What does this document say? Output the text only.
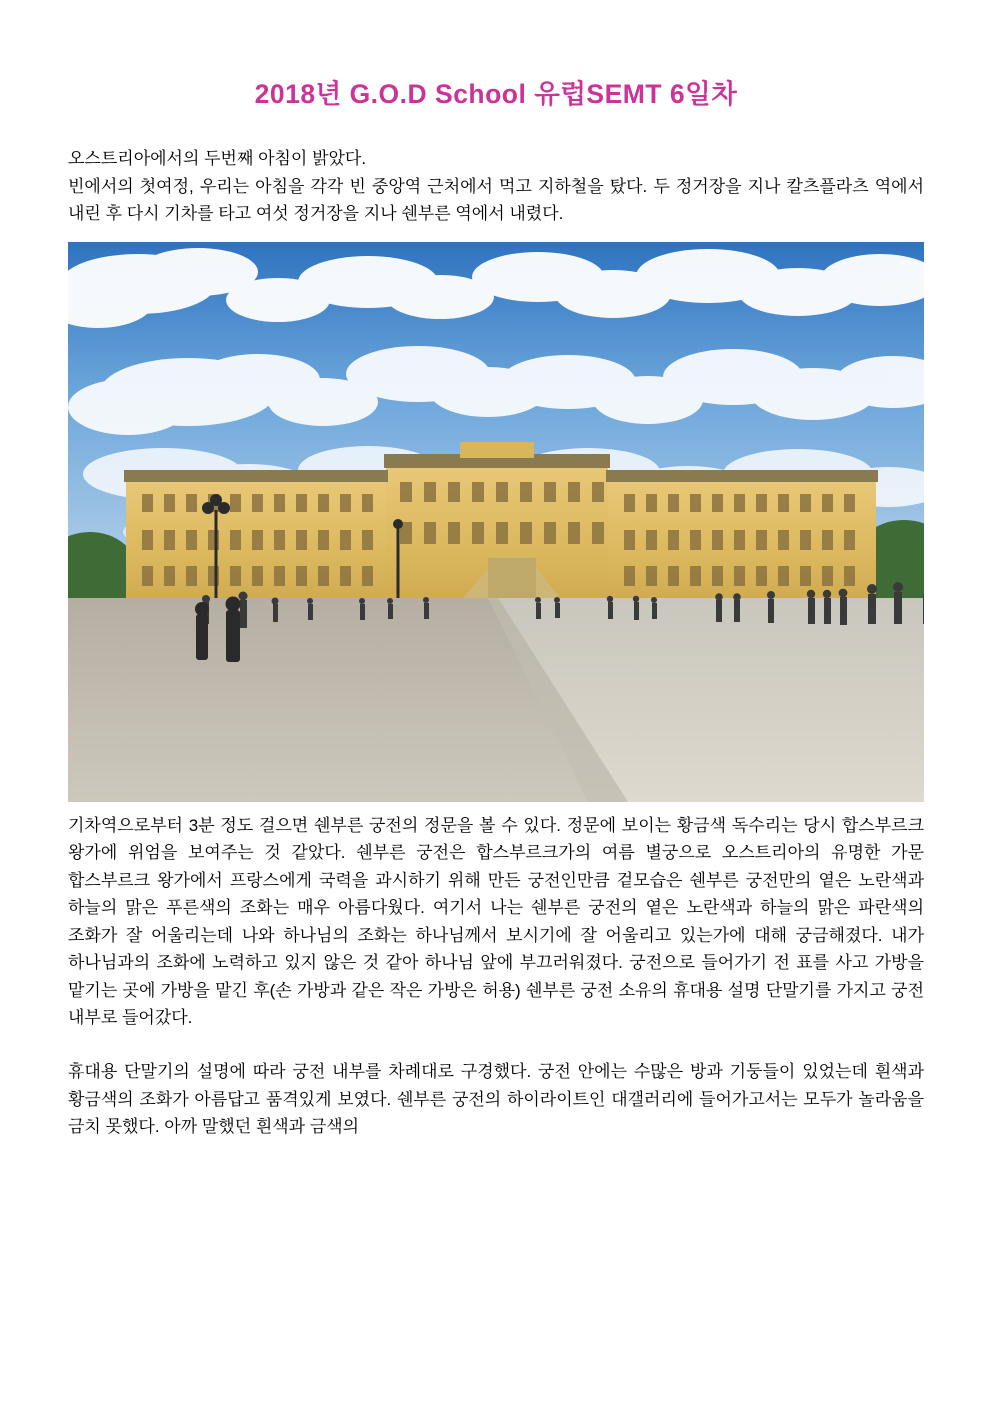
2018년 G.O.D School 유럽SEMT 6일차

오스트리아에서의 두번째 아침이 밝았다.

빈에서의 첫여정, 우리는 아침을 각각 빈 중앙역 근처에서 먹고 지하철을 탔다. 두 정거장을 지나 칼츠플라츠 역에서 내린 후 다시 기차를 타고 여섯 정거장을 지나 쉔부른 역에서 내렸다.

기차역으로부터 3분 정도 걸으면 쉔부른 궁전의 정문을 볼 수 있다. 정문에 보이는 황금색 독수리는 당시 합스부르크 왕가에 위엄을 보여주는 것 같았다. 쉔부른 궁전은 합스부르크가의 여름 별궁으로 오스트리아의 유명한 가문 합스부르크 왕가에서 프랑스에게 국력을 과시하기 위해 만든 궁전인만큼 겉모습은 쉔부른 궁전만의 옅은 노란색과 하늘의 맑은 푸른색의 조화는 매우 아름다웠다. 여기서 나는 쉔부른 궁전의 옅은 노란색과 하늘의 맑은 파란색의 조화가 잘 어울리는데 나와 하나님의 조화는 하나님께서 보시기에 잘 어울리고 있는가에 대해 궁금해졌다. 내가 하나님과의 조화에 노력하고 있지 않은 것 같아 하나님 앞에 부끄러워졌다. 궁전으로 들어가기 전 표를 사고 가방을 맡기는 곳에 가방을 맡긴 후(손 가방과 같은 작은 가방은 허용) 쉔부른 궁전 소유의 휴대용 설명 단말기를 가지고 궁전 내부로 들어갔다.

휴대용 단말기의 설명에 따라 궁전 내부를 차례대로 구경했다. 궁전 안에는 수많은 방과 기둥들이 있었는데 흰색과 황금색의 조화가 아름답고 품격있게 보였다. 쉔부른 궁전의 하이라이트인 대갤러리에 들어가고서는 모두가 놀라움을 금치 못했다. 아까 말했던 흰색과 금색의
